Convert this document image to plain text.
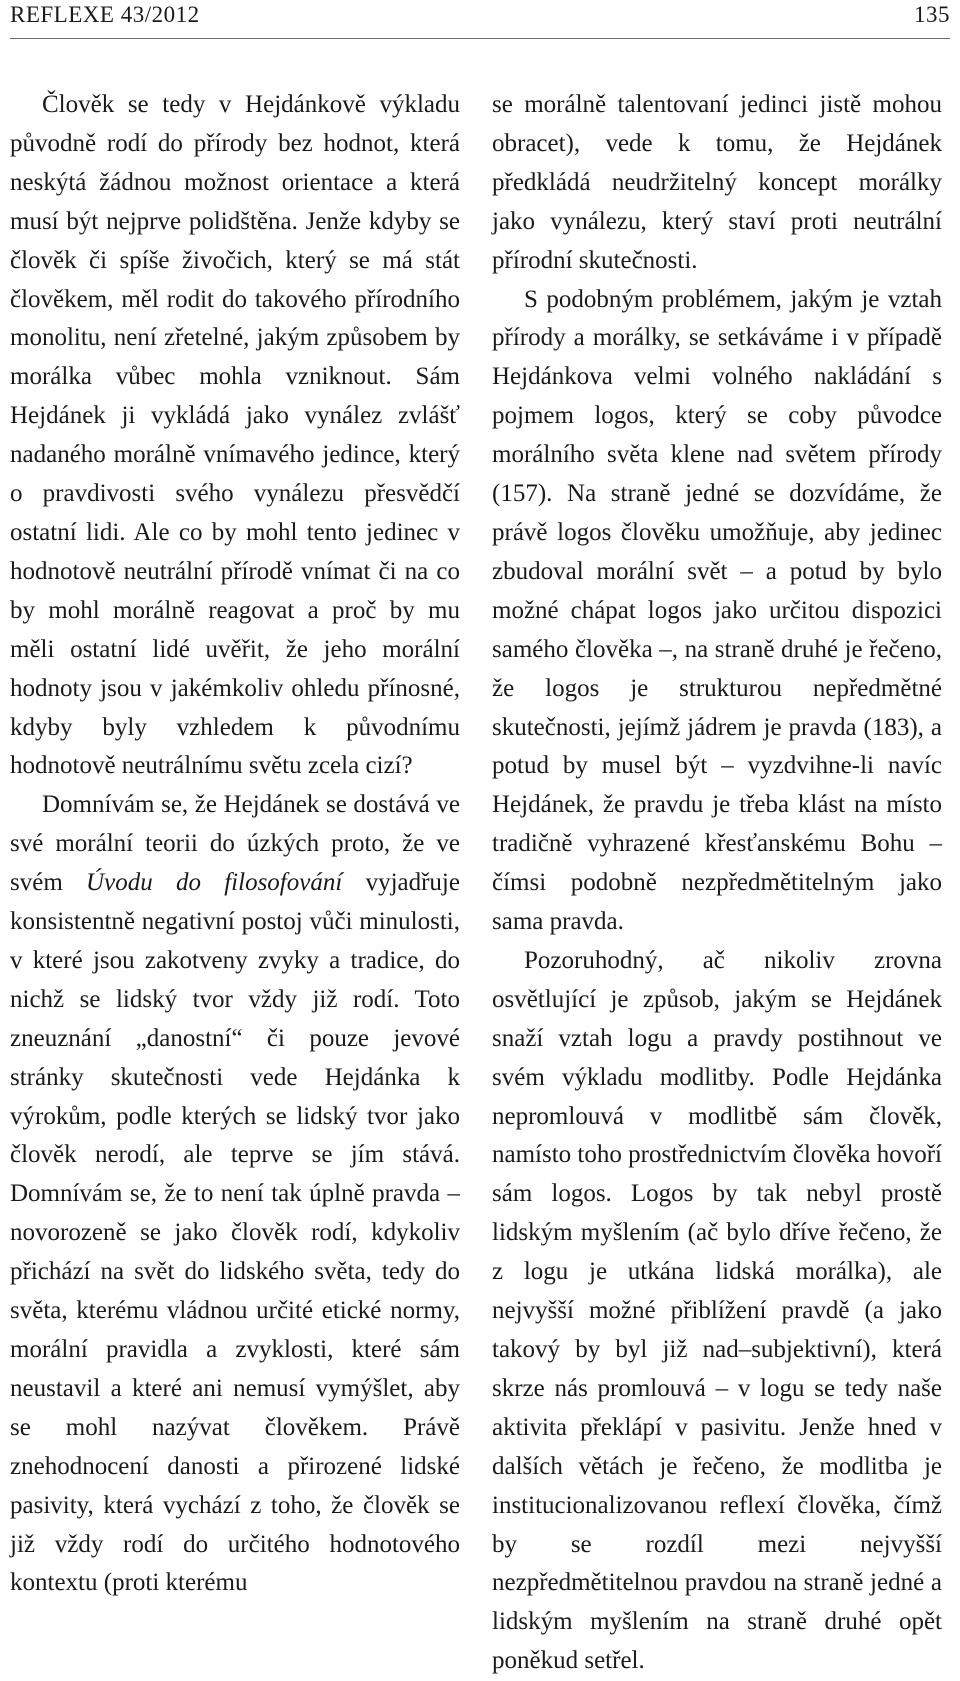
REFLEXE 43/2012	135

Člověk se tedy v Hejdánkově výkladu původně rodí do přírody bez hodnot, která neskýtá žádnou možnost orientace a která musí být nejprve polidštěna. Jenže kdyby se člověk či spíše živočich, který se má stát člověkem, měl rodit do takového přírodního monolitu, není zřetelné, jakým způsobem by morálka vůbec mohla vzniknout. Sám Hejdánek ji vykládá jako vynález zvlášť nadaného morálně vnímavého jedince, který o pravdivosti svého vynálezu přesvědčí ostatní lidi. Ale co by mohl tento jedinec v hodnotově neutrální přírodě vnímat či na co by mohl morálně reagovat a proč by mu měli ostatní lidé uvěřit, že jeho morální hodnoty jsou v jakémkoliv ohledu přínosné, kdyby byly vzhledem k původnímu hodnotově neutrálnímu světu zcela cizí?

Domnívám se, že Hejdánek se dostává ve své morální teorii do úzkých proto, že ve svém Úvodu do filosofování vyjadřuje konsistentně negativní postoj vůči minulosti, v které jsou zakotveny zvyky a tradice, do nichž se lidský tvor vždy již rodí. Toto zneuznání „danostní“ či pouze jevové stránky skutečnosti vede Hejdánka k výrokům, podle kterých se lidský tvor jako člověk nerodí, ale teprve se jím stává. Domnívám se, že to není tak úplně pravda – novorozeně se jako člověk rodí, kdykoliv přichází na svět do lidského světa, tedy do světa, kterému vládnou určité etické normy, morální pravidla a zvyklosti, které sám neustavil a které ani nemusí vymýšlet, aby se mohl nazývat člověkem. Právě znehodnocení danosti a přirozené lidské pasivity, která vychází z toho, že člověk se již vždy rodí do určitého hodnotového kontextu (proti kterému

se morálně talentovaní jedinci jistě mohou obracet), vede k tomu, že Hejdánek předkládá neudržitelný koncept morálky jako vynálezu, který staví proti neutrální přírodní skutečnosti.

S podobným problémem, jakým je vztah přírody a morálky, se setkáváme i v případě Hejdánkova velmi volného nakládání s pojmem logos, který se coby původce morálního světa klene nad světem přírody (157). Na straně jedné se dozvídáme, že právě logos člověku umožňuje, aby jedinec zbudoval morální svět – a potud by bylo možné chápat logos jako určitou dispozici samého člověka –, na straně druhé je řečeno, že logos je strukturou nepředmětné skutečnosti, jejímž jádrem je pravda (183), a potud by musel být – vyzdvihne-li navíc Hejdánek, že pravdu je třeba klást na místo tradičně vyhrazené křesťanskému Bohu – čímsi podobně nezpředmětitelným jako sama pravda.

Pozoruhodný, ač nikoliv zrovna osvětlující je způsob, jakým se Hejdánek snaží vztah logu a pravdy postihnout ve svém výkladu modlitby. Podle Hejdánka nepromlouvá v modlitbě sám člověk, namísto toho prostřednictvím člověka hovoří sám logos. Logos by tak nebyl prostě lidským myšlením (ač bylo dříve řečeno, že z logu je utkána lidská morálka), ale nejvyšší možné přiblížení pravdě (a jako takový by byl již nad–subjektivní), která skrze nás promlouvá – v logu se tedy naše aktivita překlápí v pasivitu. Jenže hned v dalších větách je řečeno, že modlitba je institucionalizovanou reflexí člověka, čímž by se rozdíl mezi nejvyšší nezpředmětitelnou pravdou na straně jedné a lidským myšlením na straně druhé opět poněkud setřel.
